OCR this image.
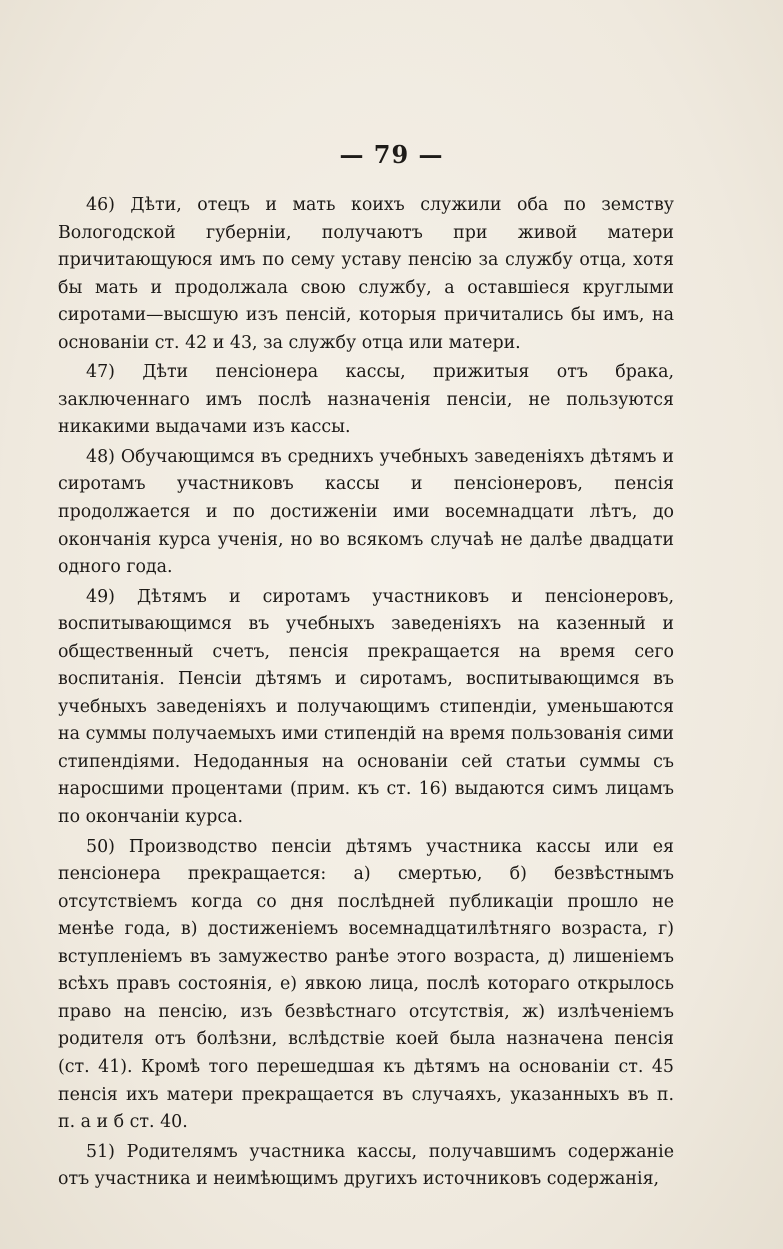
— 79 —

46) Дѣти, отецъ и мать коихъ служили оба по земству Вологодской губерніи, получаютъ при живой матери причитающуюся имъ по сему уставу пенсію за службу отца, хотя бы мать и продолжала свою службу, а оставшіеся круглыми сиротами—высшую изъ пенсій, которыя причитались бы имъ, на основаніи ст. 42 и 43, за службу отца или матери.

47) Дѣти пенсіонера кассы, прижитыя отъ брака, заключеннаго имъ послѣ назначенія пенсіи, не пользуются никакими выдачами изъ кассы.

48) Обучающимся въ среднихъ учебныхъ заведеніяхъ дѣтямъ и сиротамъ участниковъ кассы и пенсіонеровъ, пенсія продолжается и по достиженіи ими восемнадцати лѣтъ, до окончанія курса ученія, но во всякомъ случаѣ не далѣе двадцати одного года.

49) Дѣтямъ и сиротамъ участниковъ и пенсіонеровъ, воспитывающимся въ учебныхъ заведеніяхъ на казенный и общественный счетъ, пенсія прекращается на время сего воспитанія. Пенсіи дѣтямъ и сиротамъ, воспитывающимся въ учебныхъ заведеніяхъ и получающимъ стипендіи, уменьшаются на суммы получаемыхъ ими стипендій на время пользованія сими стипендіями. Недоданныя на основаніи сей статьи суммы съ наросшими процентами (прим. къ ст. 16) выдаются симъ лицамъ по окончаніи курса.

50) Производство пенсіи дѣтямъ участника кассы или ея пенсіонера прекращается: а) смертью, б) безвѣстнымъ отсутствіемъ когда со дня послѣдней публикаціи прошло не менѣе года, в) достиженіемъ восемнадцатилѣтняго возраста, г) вступленіемъ въ замужество ранѣе этого возраста, д) лишеніемъ всѣхъ правъ состоянія, е) явкою лица, послѣ котораго открылось право на пенсію, изъ безвѣстнаго отсутствія, ж) излѣченіемъ родителя отъ болѣзни, вслѣдствіе коей была назначена пенсія (ст. 41). Кромѣ того перешедшая къ дѣтямъ на основаніи ст. 45 пенсія ихъ матери прекращается въ случаяхъ, указанныхъ въ п. п. а и б ст. 40.

51) Родителямъ участника кассы, получавшимъ содержаніе отъ участника и неимѣющимъ другихъ источниковъ содержанія,
